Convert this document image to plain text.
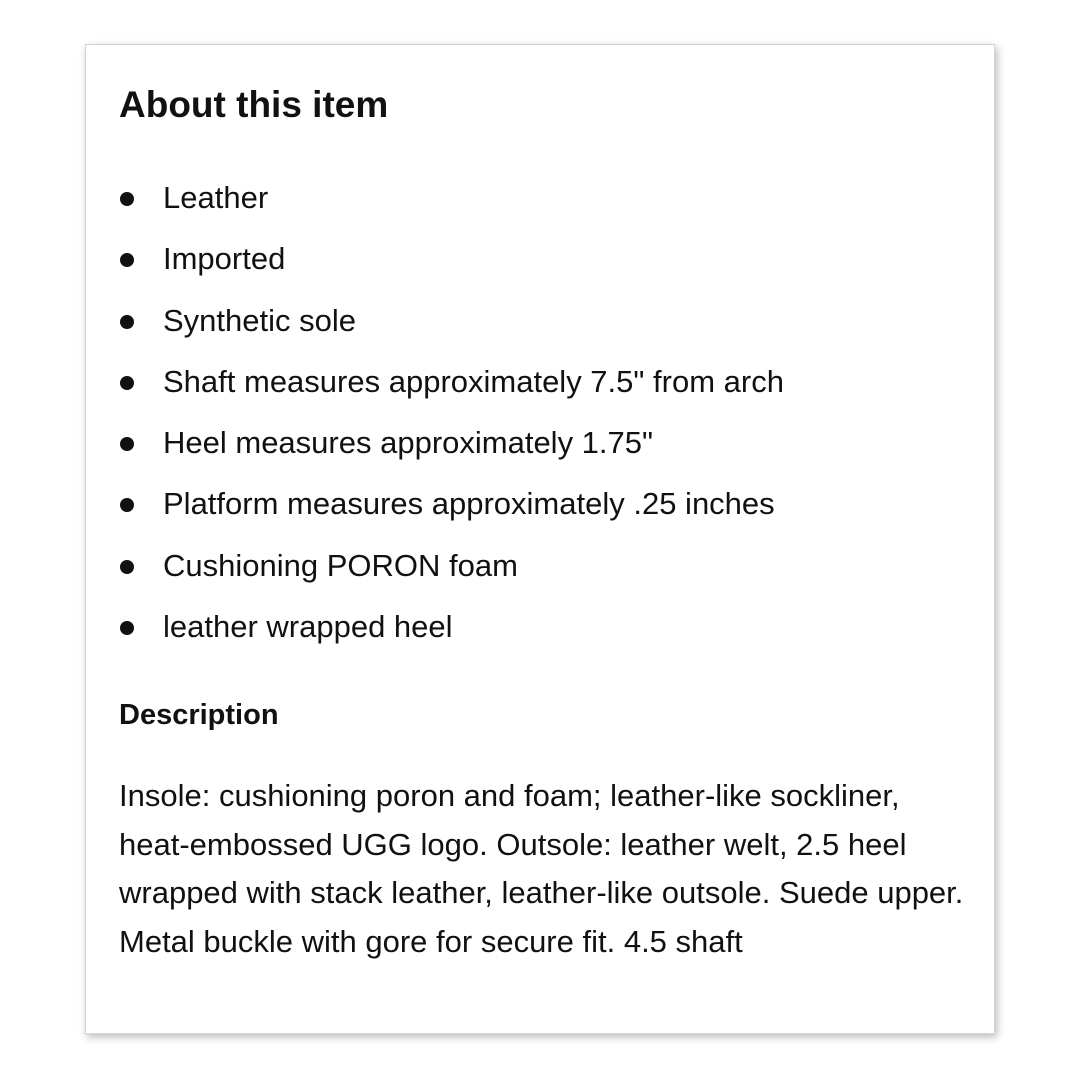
About this item
Leather
Imported
Synthetic sole
Shaft measures approximately 7.5" from arch
Heel measures approximately 1.75"
Platform measures approximately .25 inches
Cushioning PORON foam
leather wrapped heel
Description

Insole: cushioning poron and foam; leather-like sockliner, heat-embossed UGG logo. Outsole: leather welt, 2.5 heel wrapped with stack leather, leather-like outsole. Suede upper. Metal buckle with gore for secure fit. 4.5 shaft
